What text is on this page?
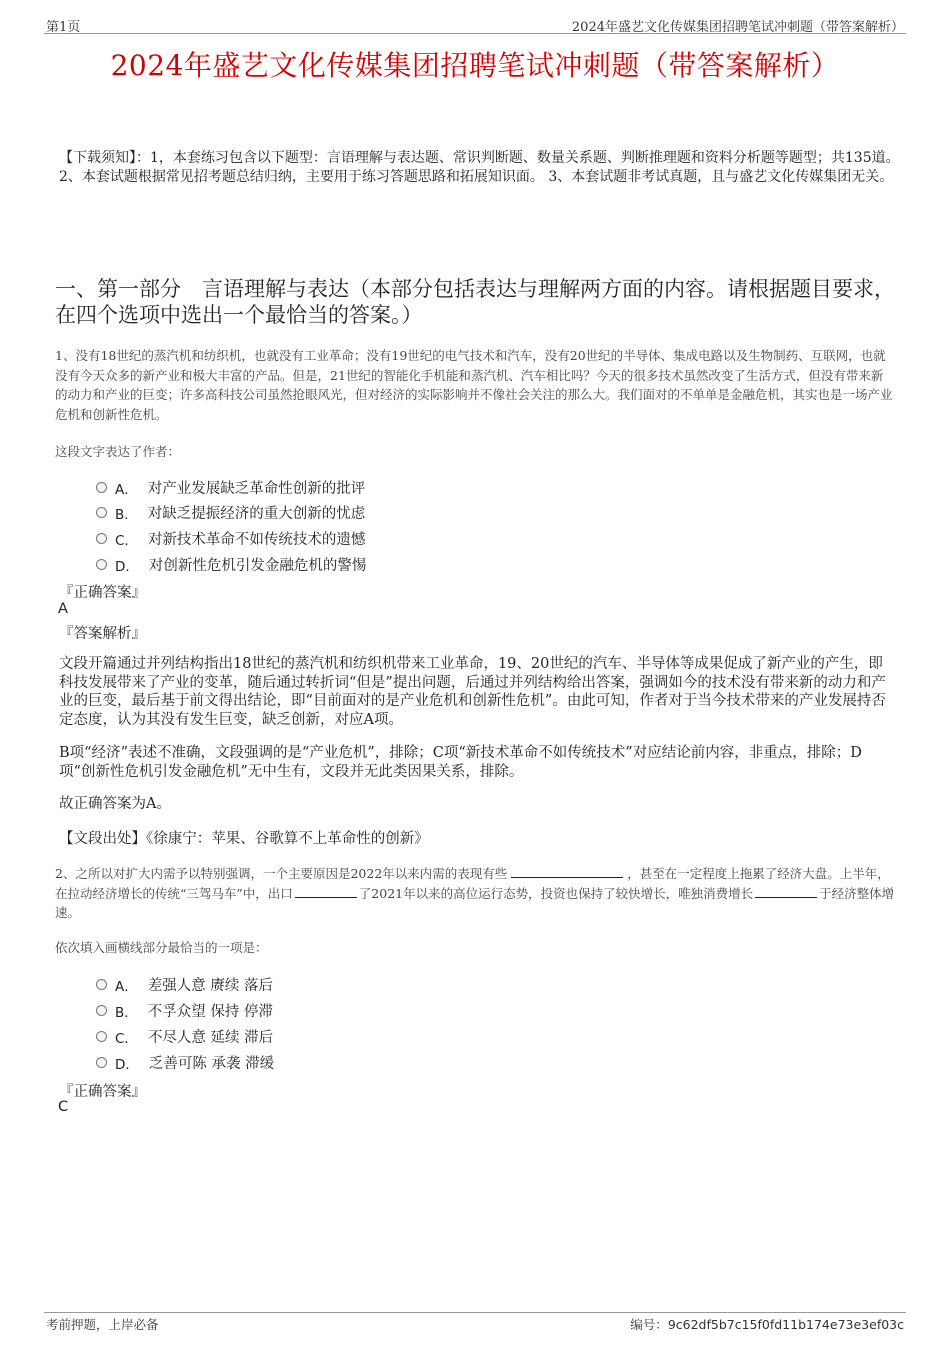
第1页	2024年盛艺文化传媒集团招聘笔试冲刺题（带答案解析）
2024年盛艺文化传媒集团招聘笔试冲刺题（带答案解析）
【下载须知】：1，本套练习包含以下题型：言语理解与表达题、常识判断题、数量关系题、判断推理题和资料分析题等题型；共135道。 2、本套试题根据常见招考题总结归纳，主要用于练习答题思路和拓展知识面。 3、本套试题非考试真题，且与盛艺文化传媒集团无关。
一、第一部分　言语理解与表达（本部分包括表达与理解两方面的内容。请根据题目要求，在四个选项中选出一个最恰当的答案。）
1、没有18世纪的蒸汽机和纺织机，也就没有工业革命；没有19世纪的电气技术和汽车，没有20世纪的半导体、集成电路以及生物制药、互联网，也就没有今天众多的新产业和极大丰富的产品。但是，21世纪的智能化手机能和蒸汽机、汽车相比吗？今天的很多技术虽然改变了生活方式，但没有带来新的动力和产业的巨变；许多高科技公司虽然抢眼风光，但对经济的实际影响并不像社会关注的那么大。我们面对的不单单是金融危机，其实也是一场产业危机和创新性危机。
这段文字表达了作者：
A． 对产业发展缺乏革命性创新的批评
B． 对缺乏提振经济的重大创新的忧虑
C． 对新技术革命不如传统技术的遗憾
D． 对创新性危机引发金融危机的警惕
『正确答案』
A
『答案解析』
文段开篇通过并列结构指出18世纪的蒸汽机和纺织机带来工业革命，19、20世纪的汽车、半导体等成果促成了新产业的产生，即科技发展带来了产业的变革，随后通过转折词“但是”提出问题，后通过并列结构给出答案，强调如今的技术没有带来新的动力和产业的巨变，最后基于前文得出结论，即“目前面对的是产业危机和创新性危机”。由此可知，作者对于当今技术带来的产业发展持否定态度，认为其没有发生巨变，缺乏创新，对应A项。
B项“经济”表述不准确，文段强调的是“产业危机”，排除；C项“新技术革命不如传统技术”对应结论前内容，非重点，排除；D项“创新性危机引发金融危机”无中生有，文段并无此类因果关系，排除。
故正确答案为A。
【文段出处】《徐康宁：苹果、谷歌算不上革命性的创新》
2、之所以对扩大内需予以特别强调，一个主要原因是2022年以来内需的表现有些	，甚至在一定程度上拖累了经济大盘。上半年，在拉动经济增长的传统“三驾马车”中，出口	了2021年以来的高位运行态势，投资也保持了较快增长，唯独消费增长	于经济整体增速。
依次填入画横线部分最恰当的一项是：
A． 差强人意 赓续 落后
B． 不孚众望 保持 停滞
C． 不尽人意 延续 滞后
D． 乏善可陈 承袭 滞缓
『正确答案』
C
考前押题，上岸必备	编号：9c62df5b7c15f0fd11b174e73e3ef03c
